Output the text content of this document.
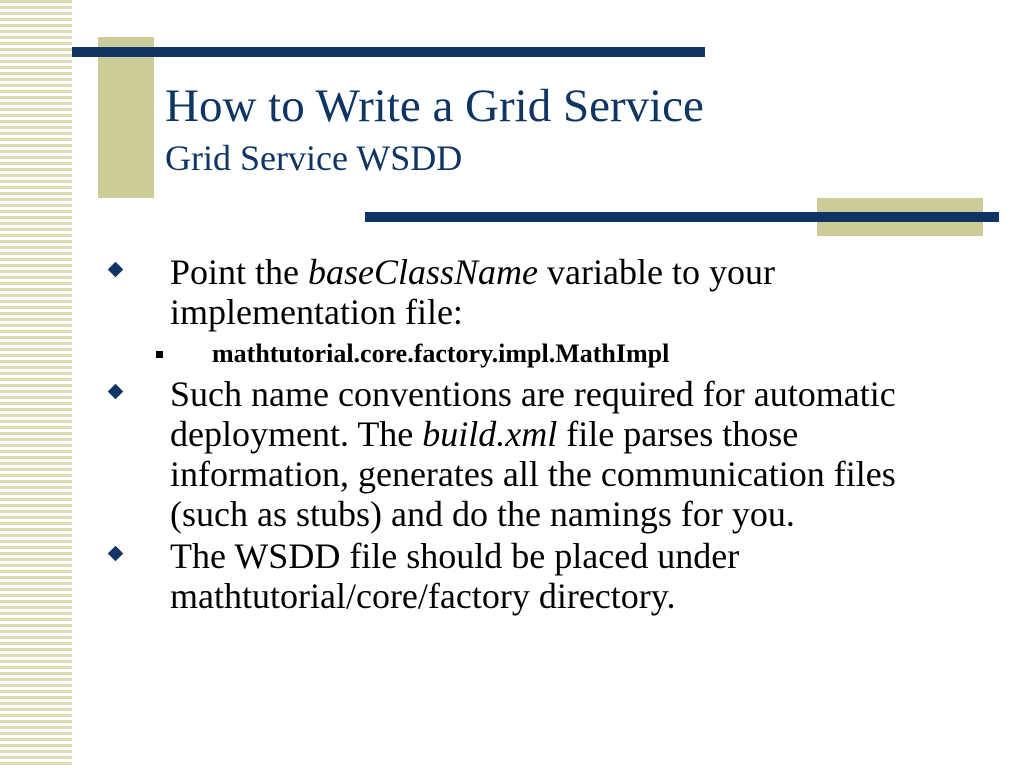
How to Write a Grid Service
Grid Service WSDD
Point the baseClassName variable to your implementation file:
mathtutorial.core.factory.impl.MathImpl
Such name conventions are required for automatic deployment. The build.xml file parses those information, generates all the communication files (such as stubs) and do the namings for you.
The WSDD file should be placed under mathtutorial/core/factory directory.
